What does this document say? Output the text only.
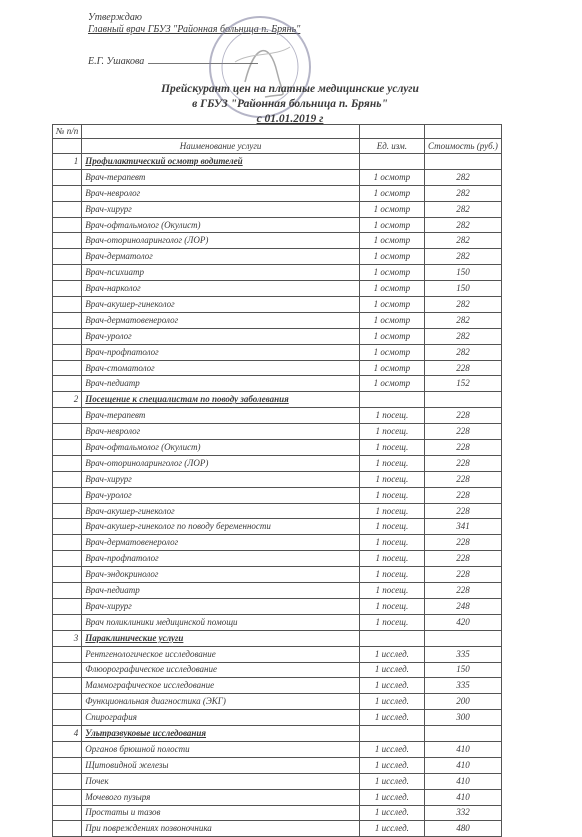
Утверждаю
Главный врач ГБУЗ "Районная больница п. Брянь"
Е.Г. Ушакова
Прейскурант цен на платные медицинские услуги
в ГБУЗ "Районная больница п. Брянь"
с 01.01.2019 г
№ п/п			
	Наименование услуги	Ед. изм.	Стоимость (руб.)
1	Профилактический осмотр водителей		
	Врач-терапевт	1 осмотр	282
	Врач-невролог	1 осмотр	282
	Врач-хирург	1 осмотр	282
	Врач-офтальмолог (Окулист)	1 осмотр	282
	Врач-оториноларинголог (ЛОР)	1 осмотр	282
	Врач-дерматолог	1 осмотр	282
	Врач-психиатр	1 осмотр	150
	Врач-нарколог	1 осмотр	150
	Врач-акушер-гинеколог	1 осмотр	282
	Врач-дерматовенеролог	1 осмотр	282
	Врач-уролог	1 осмотр	282
	Врач-профпатолог	1 осмотр	282
	Врач-стоматолог	1 осмотр	228
	Врач-педиатр	1 осмотр	152
2	Посещение к специалистам по поводу заболевания		
	Врач-терапевт	1 посещ.	228
	Врач-невролог	1 посещ.	228
	Врач-офтальмолог (Окулист)	1 посещ.	228
	Врач-оториноларинголог (ЛОР)	1 посещ.	228
	Врач-хирург	1 посещ.	228
	Врач-уролог	1 посещ.	228
	Врач-акушер-гинеколог	1 посещ.	228
	Врач-акушер-гинеколог по поводу беременности	1 посещ.	341
	Врач-дерматовенеролог	1 посещ.	228
	Врач-профпатолог	1 посещ.	228
	Врач-эндокринолог	1 посещ.	228
	Врач-педиатр	1 посещ.	228
	Врач-хирург	1 посещ.	248
	Врач поликлиники медицинской помощи	1 посещ.	420
3	Параклинические услуги		
	Рентгенологическое исследование	1 исслед.	335
	Флюорографическое исследование	1 исслед.	150
	Маммографическое исследование	1 исслед.	335
	Функциональная диагностика (ЭКГ)	1 исслед.	200
	Спирография	1 исслед.	300
4	Ультразвуковые исследования		
	Органов брюшной полости	1 исслед.	410
	Щитовидной железы	1 исслед.	410
	Почек	1 исслед.	410
	Мочевого пузыря	1 исслед.	410
	Простаты и тазов	1 исслед.	332
	При повреждениях позвоночника	1 исслед.	480
